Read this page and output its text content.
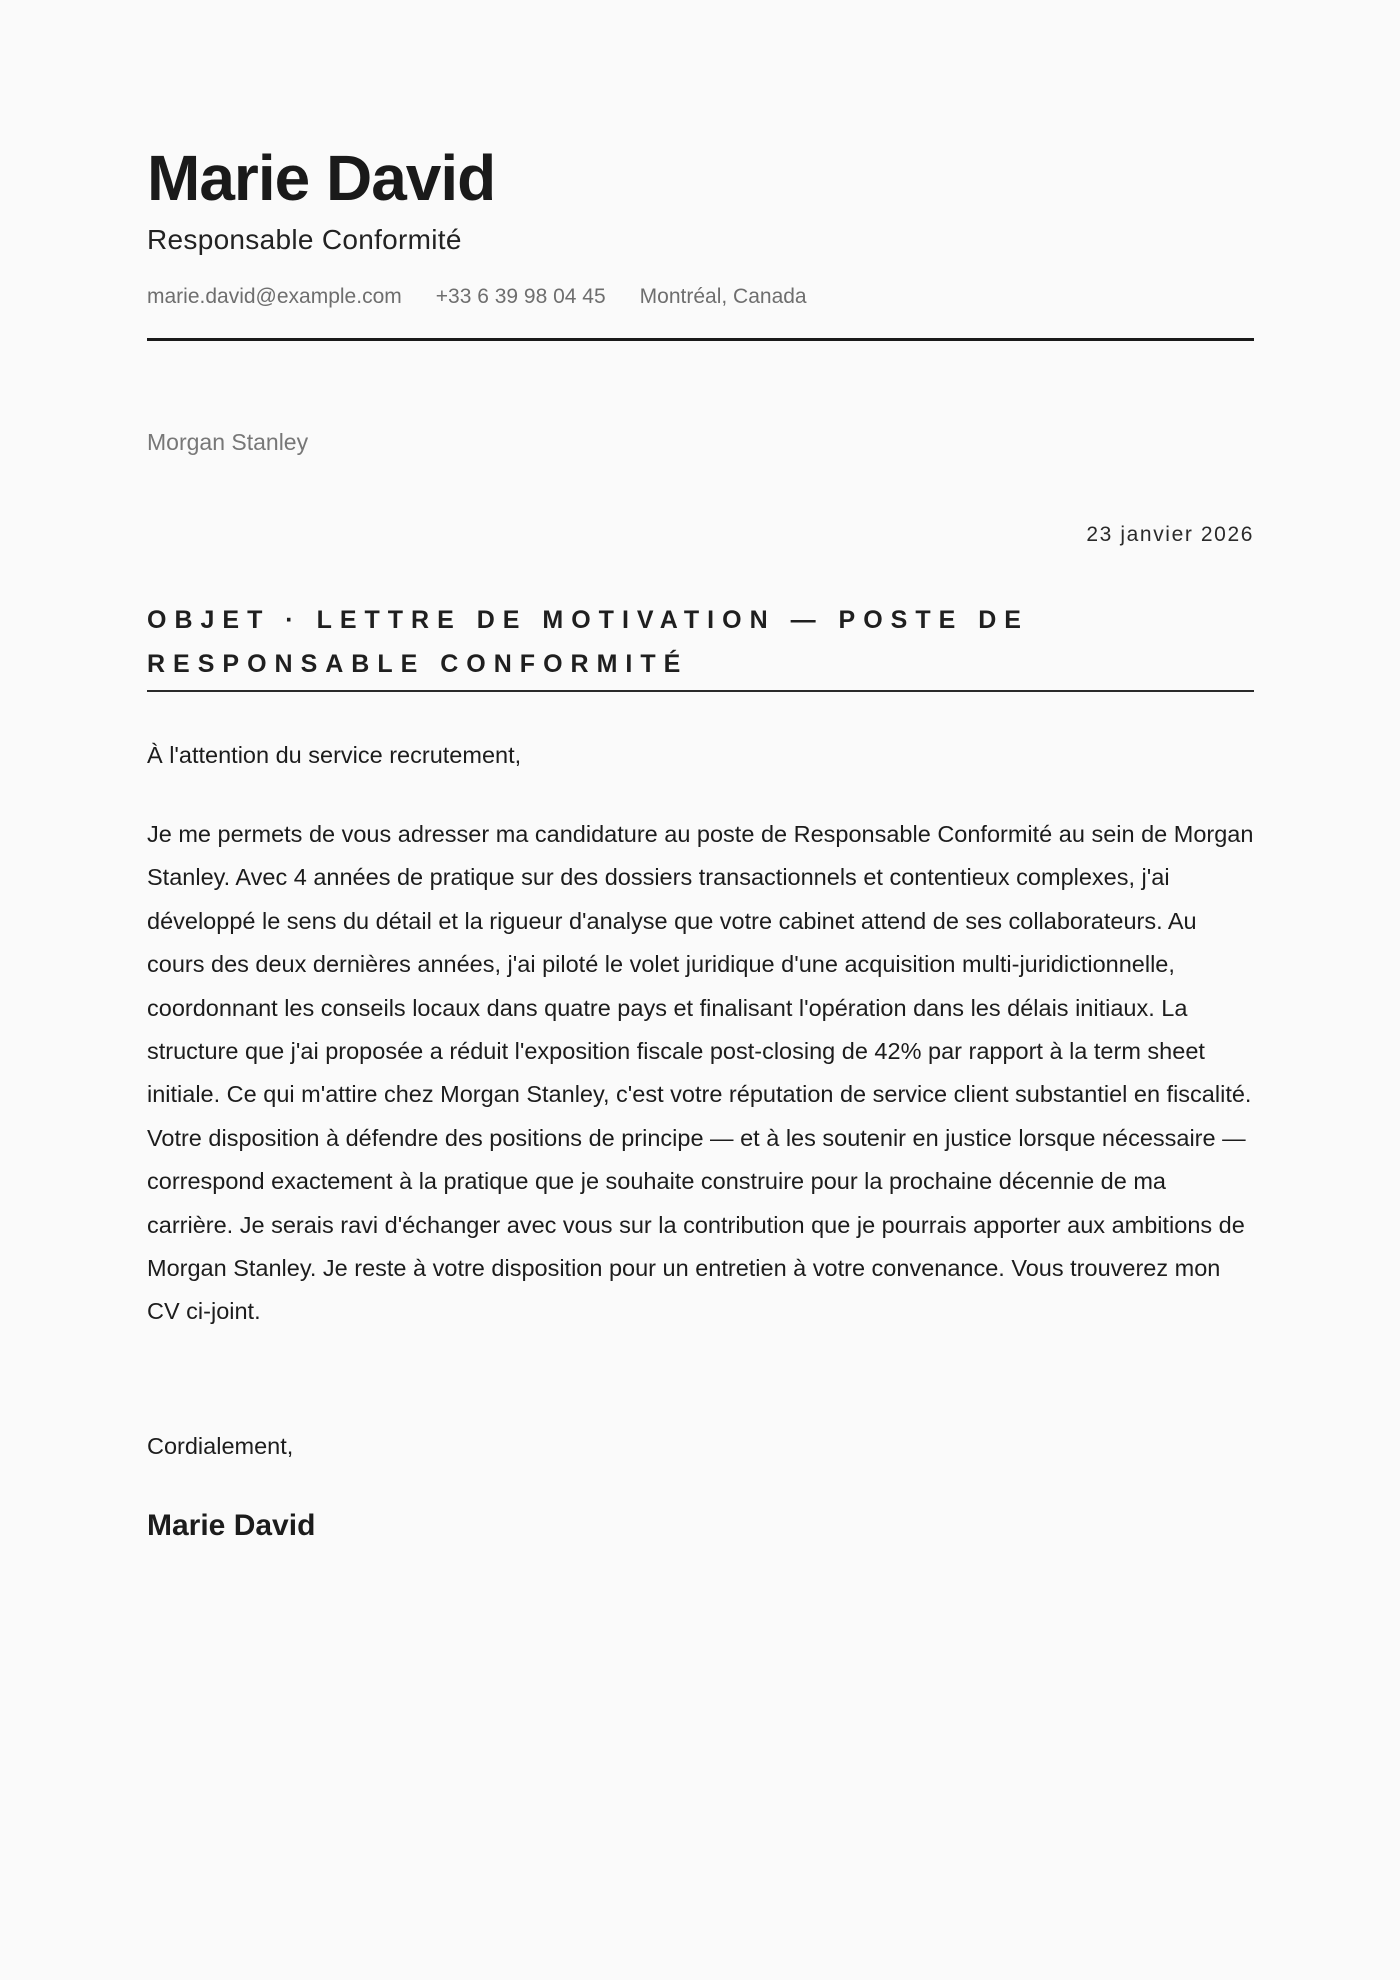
Marie David
Responsable Conformité
marie.david@example.com +33 6 39 98 04 45 Montréal, Canada
Morgan Stanley
23 janvier 2026
OBJET · LETTRE DE MOTIVATION — POSTE DE RESPONSABLE CONFORMITÉ
À l'attention du service recrutement,

Je me permets de vous adresser ma candidature au poste de Responsable Conformité au sein de Morgan Stanley. Avec 4 années de pratique sur des dossiers transactionnels et contentieux complexes, j'ai développé le sens du détail et la rigueur d'analyse que votre cabinet attend de ses collaborateurs. Au cours des deux dernières années, j'ai piloté le volet juridique d'une acquisition multi-juridictionnelle, coordonnant les conseils locaux dans quatre pays et finalisant l'opération dans les délais initiaux. La structure que j'ai proposée a réduit l'exposition fiscale post-closing de 42% par rapport à la term sheet initiale. Ce qui m'attire chez Morgan Stanley, c'est votre réputation de service client substantiel en fiscalité. Votre disposition à défendre des positions de principe — et à les soutenir en justice lorsque nécessaire — correspond exactement à la pratique que je souhaite construire pour la prochaine décennie de ma carrière. Je serais ravi d'échanger avec vous sur la contribution que je pourrais apporter aux ambitions de Morgan Stanley. Je reste à votre disposition pour un entretien à votre convenance. Vous trouverez mon CV ci-joint.

Cordialement,
Marie David
